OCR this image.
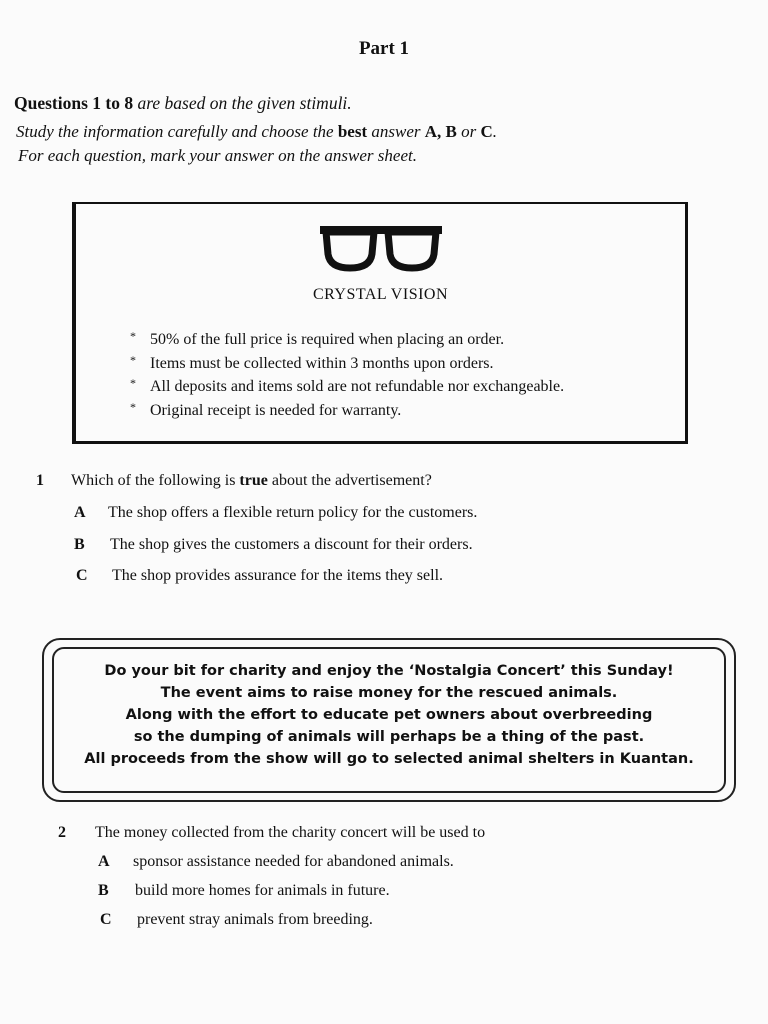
Part 1
Questions 1 to 8 are based on the given stimuli.
Study the information carefully and choose the best answer A, B or C.
For each question, mark your answer on the answer sheet.
CRYSTAL VISION
* 50% of the full price is required when placing an order.
* Items must be collected within 3 months upon orders.
* All deposits and items sold are not refundable nor exchangeable.
* Original receipt is needed for warranty.
1 Which of the following is true about the advertisement?
A The shop offers a flexible return policy for the customers.
B The shop gives the customers a discount for their orders.
C The shop provides assurance for the items they sell.
Do your bit for charity and enjoy the ‘Nostalgia Concert’ this Sunday!
The event aims to raise money for the rescued animals.
Along with the effort to educate pet owners about overbreeding
so the dumping of animals will perhaps be a thing of the past.
All proceeds from the show will go to selected animal shelters in Kuantan.
2 The money collected from the charity concert will be used to
A sponsor assistance needed for abandoned animals.
B build more homes for animals in future.
C prevent stray animals from breeding.
